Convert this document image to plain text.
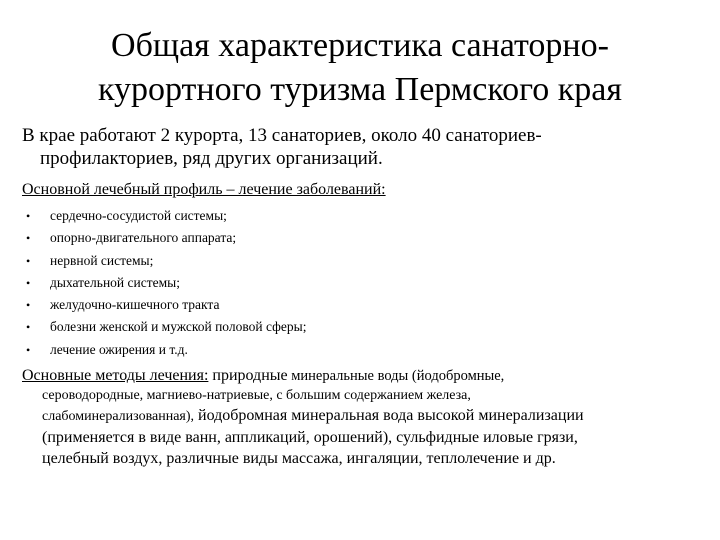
Общая характеристика санаторно-
курортного туризма Пермского края
В крае работают 2 курорта, 13 санаториев, около 40 санаториев-
профилакториев, ряд других организаций.
Основной лечебный профиль – лечение заболеваний:
• сердечно-сосудистой системы;
• опорно-двигательного аппарата;
• нервной системы;
• дыхательной системы;
• желудочно-кишечного тракта
• болезни женской и мужской половой сферы;
• лечение ожирения и т.д.
Основные методы лечения: природные минеральные воды (йодобромные,
сероводородные, магниево-натриевые, с большим содержанием железа,
слабоминерализованная), йодобромная минеральная вода высокой минерализации
(применяется в виде ванн, аппликаций, орошений), сульфидные иловые грязи,
целебный воздух, различные виды массажа, ингаляции, теплолечение и др.
